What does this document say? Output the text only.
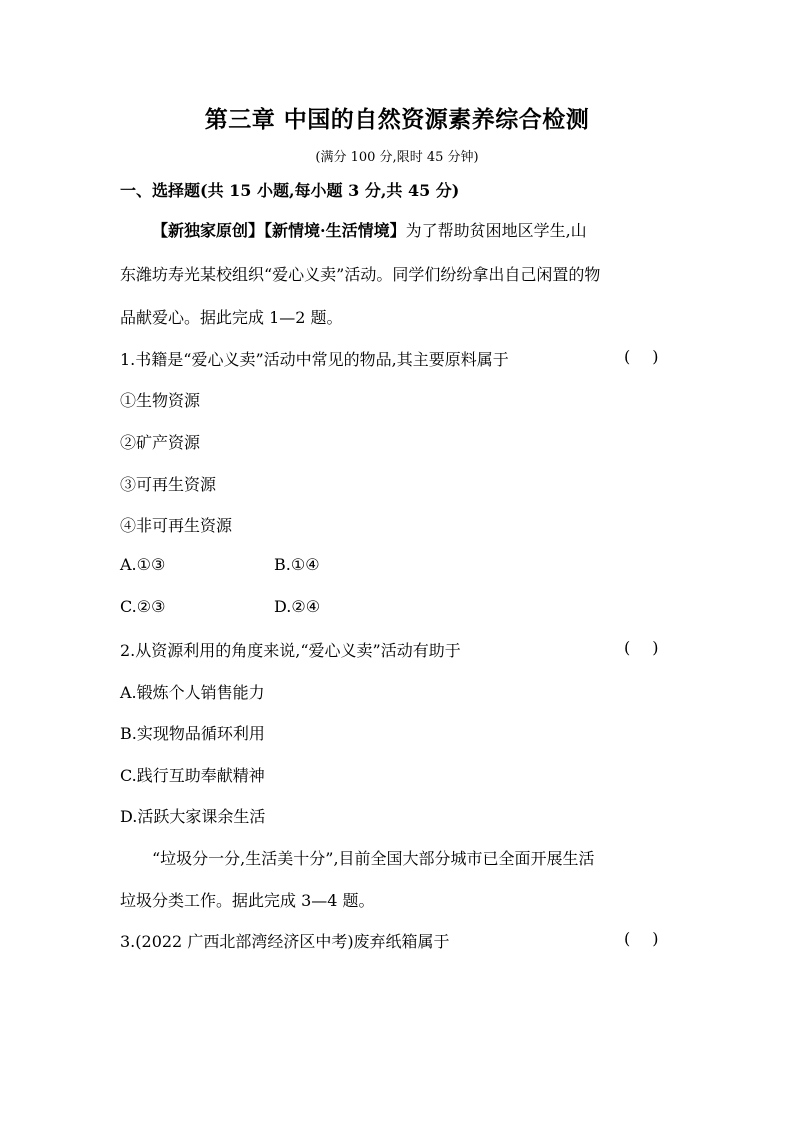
第三章 中国的自然资源素养综合检测
(满分 100 分,限时 45 分钟)
一、选择题(共 15 小题,每小题 3 分,共 45 分)
【新独家原创】【新情境·生活情境】为了帮助贫困地区学生,山
东潍坊寿光某校组织“爱心义卖”活动。同学们纷纷拿出自己闲置的物
品献爱心。据此完成 1—2 题。
1.书籍是“爱心义卖”活动中常见的物品,其主要原料属于	()
①生物资源
②矿产资源
③可再生资源
④非可再生资源
A.①③	B.①④
C.②③	D.②④
2.从资源利用的角度来说,“爱心义卖”活动有助于	()
A.锻炼个人销售能力
B.实现物品循环利用
C.践行互助奉献精神
D.活跃大家课余生活
“垃圾分一分,生活美十分”,目前全国大部分城市已全面开展生活
垃圾分类工作。据此完成 3—4 题。
3.(2022 广西北部湾经济区中考)废弃纸箱属于	()
